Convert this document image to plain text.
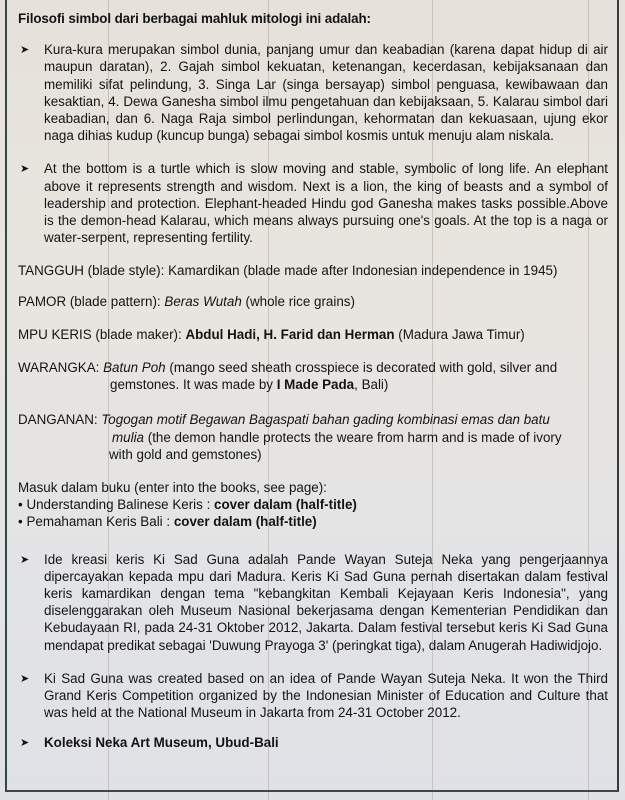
Filosofi simbol dari berbagai mahluk mitologi ini adalah:
➤	Kura-kura merupakan simbol dunia, panjang umur dan keabadian (karena dapat hidup di air maupun daratan), 2. Gajah simbol kekuatan, ketenangan, kecerdasan, kebijaksanaan dan memiliki sifat pelindung, 3. Singa Lar (singa bersayap) simbol penguasa, kewibawaan dan kesaktian, 4. Dewa Ganesha simbol ilmu pengetahuan dan kebijaksaan, 5. Kalarau simbol dari keabadian, dan 6. Naga Raja simbol perlindungan, kehormatan dan kekuasaan, ujung ekor naga dihias kudup (kuncup bunga) sebagai simbol kosmis untuk menuju alam niskala.
➤	At the bottom is a turtle which is slow moving and stable, symbolic of long life. An elephant above it represents strength and wisdom. Next is a lion, the king of beasts and a symbol of leadership and protection. Elephant-headed Hindu god Ganesha makes tasks possible.Above is the demon-head Kalarau, which means always pursuing one's goals. At the top is a naga or water-serpent, representing fertility.
TANGGUH (blade style): Kamardikan (blade made after Indonesian independence in 1945)
PAMOR (blade pattern): Beras Wutah (whole rice grains)
MPU KERIS (blade maker): Abdul Hadi, H. Farid dan Herman (Madura Jawa Timur)
WARANGKA: Batun Poh (mango seed sheath crosspiece is decorated with gold, silver and
gemstones. It was made by I Made Pada, Bali)
DANGANAN: Togogan motif Begawan Bagaspati bahan gading kombinasi emas dan batu
mulia (the demon handle protects the weare from harm and is made of ivory
with gold and gemstones)
Masuk dalam buku (enter into the books, see page):
• Understanding Balinese Keris : cover dalam (half-title)
• Pemahaman Keris Bali : cover dalam (half-title)
➤	Ide kreasi keris Ki Sad Guna adalah Pande Wayan Suteja Neka yang pengerjaannya dipercayakan kepada mpu dari Madura. Keris Ki Sad Guna pernah disertakan dalam festival keris kamardikan dengan tema "kebangkitan Kembali Kejayaan Keris Indonesia", yang diselenggarakan oleh Museum Nasional bekerjasama dengan Kementerian Pendidikan dan Kebudayaan RI, pada 24-31 Oktober 2012, Jakarta. Dalam festival tersebut keris Ki Sad Guna mendapat predikat sebagai 'Duwung Prayoga 3' (peringkat tiga), dalam Anugerah Hadiwidjojo.
➤	Ki Sad Guna was created based on an idea of Pande Wayan Suteja Neka. It won the Third Grand Keris Competition organized by the Indonesian Minister of Education and Culture that was held at the National Museum in Jakarta from 24-31 October 2012.
➤	Koleksi Neka Art Museum, Ubud-Bali
